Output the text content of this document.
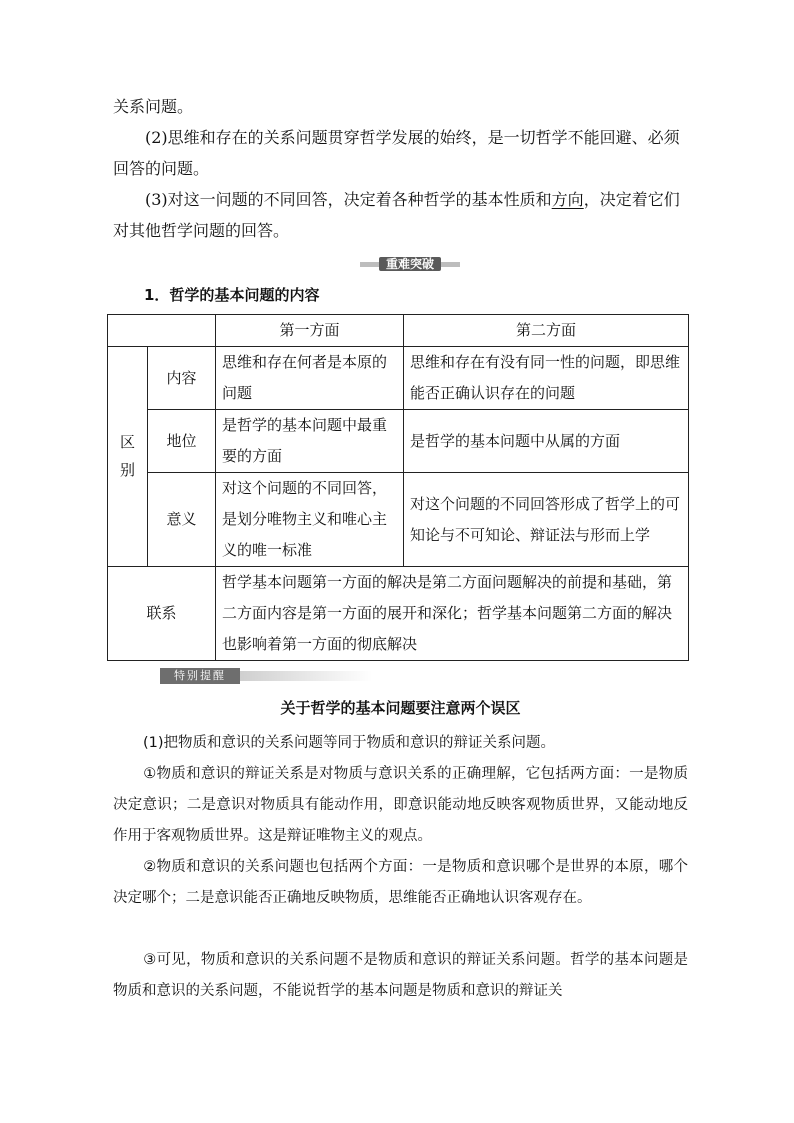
关系问题。

(2)思维和存在的关系问题贯穿哲学发展的始终，是一切哲学不能回避、必须回答的问题。

(3)对这一问题的不同回答，决定着各种哲学的基本性质和方向，决定着它们对其他哲学问题的回答。

重难突破
1．哲学的基本问题的内容
		第一方面	第二方面
区别	内容	思维和存在何者是本原的问题	思维和存在有没有同一性的问题，即思维能否正确认识存在的问题
	地位	是哲学的基本问题中最重要的方面	是哲学的基本问题中从属的方面
	意义	对这个问题的不同回答，是划分唯物主义和唯心主义的唯一标准	对这个问题的不同回答形成了哲学上的可知论与不可知论、辩证法与形而上学
联系		哲学基本问题第一方面的解决是第二方面问题解决的前提和基础，第二方面内容是第一方面的展开和深化；哲学基本问题第二方面的解决也影响着第一方面的彻底解决	
特别提醒
关于哲学的基本问题要注意两个误区

(1)把物质和意识的关系问题等同于物质和意识的辩证关系问题。

①物质和意识的辩证关系是对物质与意识关系的正确理解，它包括两方面：一是物质决定意识；二是意识对物质具有能动作用，即意识能动地反映客观物质世界，又能动地反作用于客观物质世界。这是辩证唯物主义的观点。

②物质和意识的关系问题也包括两个方面：一是物质和意识哪个是世界的本原，哪个决定哪个；二是意识能否正确地反映物质，思维能否正确地认识客观存在。

③可见，物质和意识的关系问题不是物质和意识的辩证关系问题。哲学的基本问题是物质和意识的关系问题，不能说哲学的基本问题是物质和意识的辩证关
